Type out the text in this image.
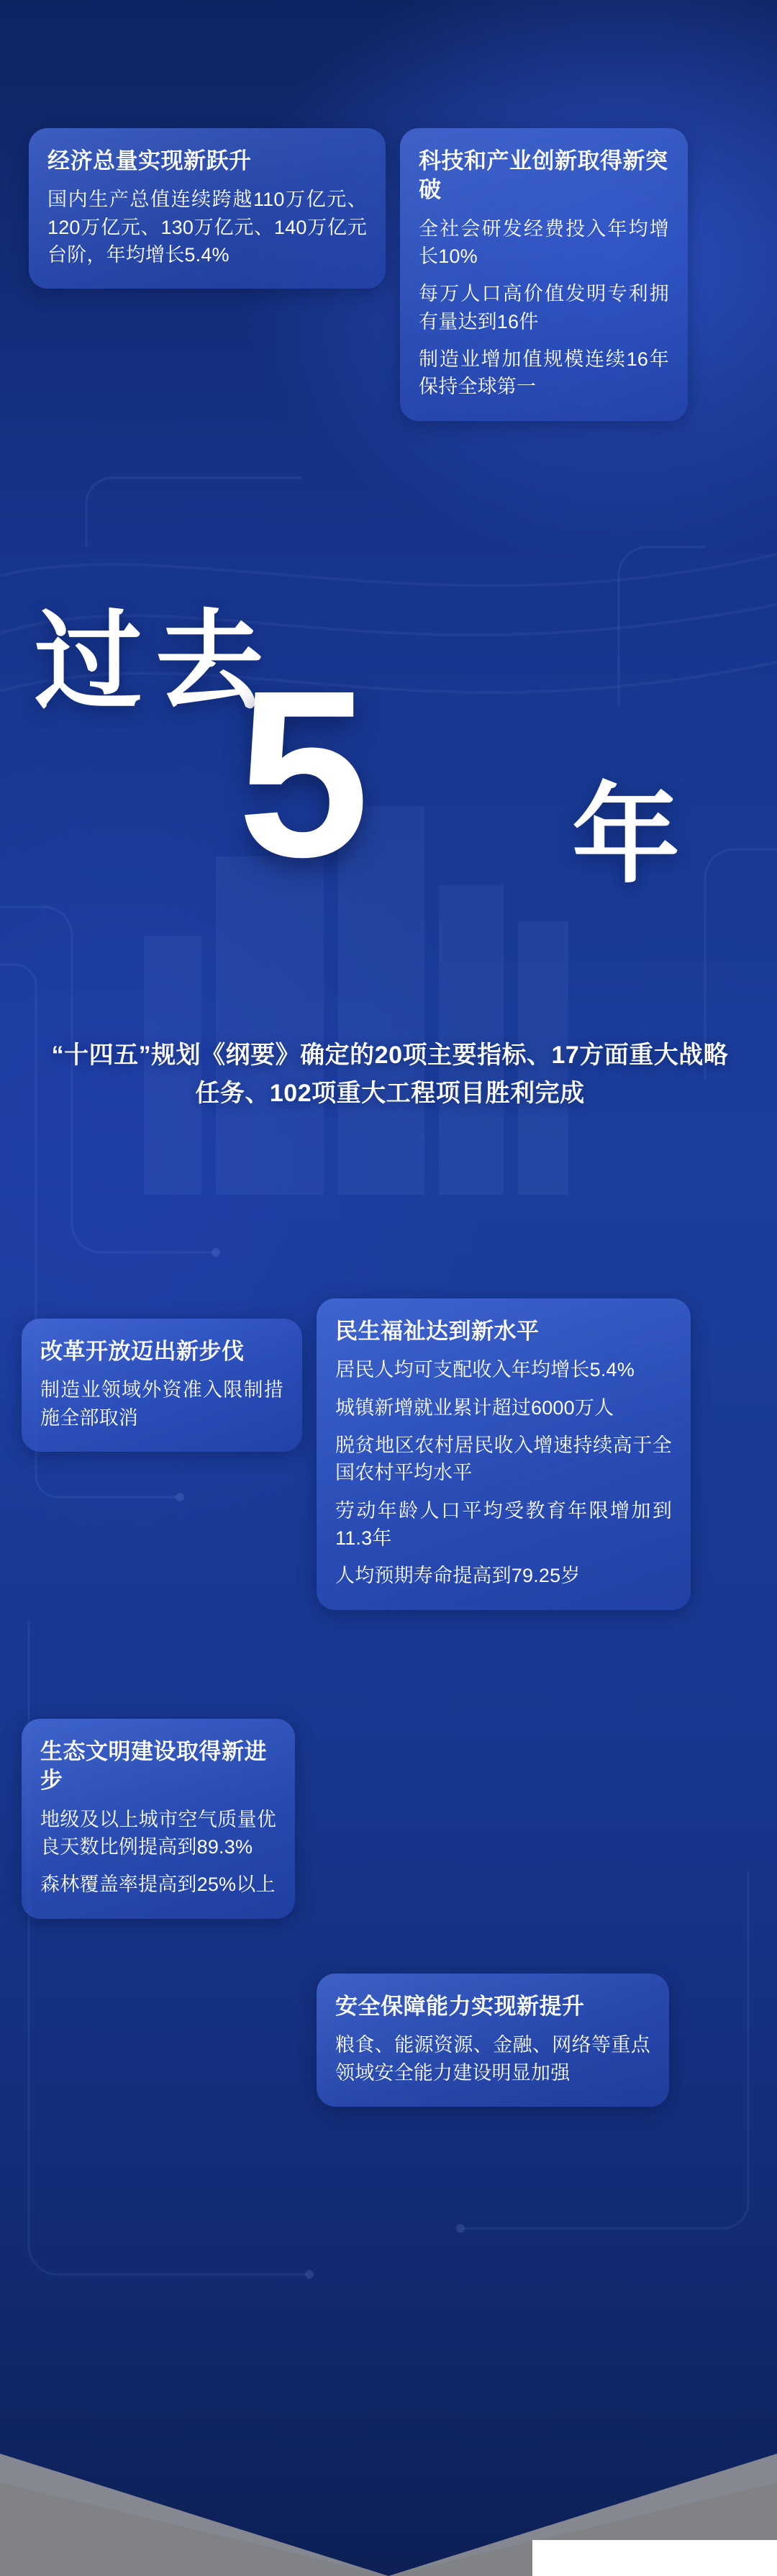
经济总量实现新跃升

国内生产总值连续跨越110万亿元、120万亿元、130万亿元、140万亿元台阶，年均增长5.4%

科技和产业创新取得新突破

全社会研发经费投入年均增长10%

每万人口高价值发明专利拥有量达到16件

制造业增加值规模连续16年保持全球第一

过去
5 年
“十四五”规划《纲要》确定的20项主要指标、17方面重大战略任务、102项重大工程项目胜利完成
改革开放迈出新步伐

制造业领域外资准入限制措施全部取消

民生福祉达到新水平

居民人均可支配收入年均增长5.4%

城镇新增就业累计超过6000万人

脱贫地区农村居民收入增速持续高于全国农村平均水平

劳动年龄人口平均受教育年限增加到11.3年

人均预期寿命提高到79.25岁

生态文明建设取得新进步

地级及以上城市空气质量优良天数比例提高到89.3%

森林覆盖率提高到25%以上

安全保障能力实现新提升

粮食、能源资源、金融、网络等重点领域安全能力建设明显加强
